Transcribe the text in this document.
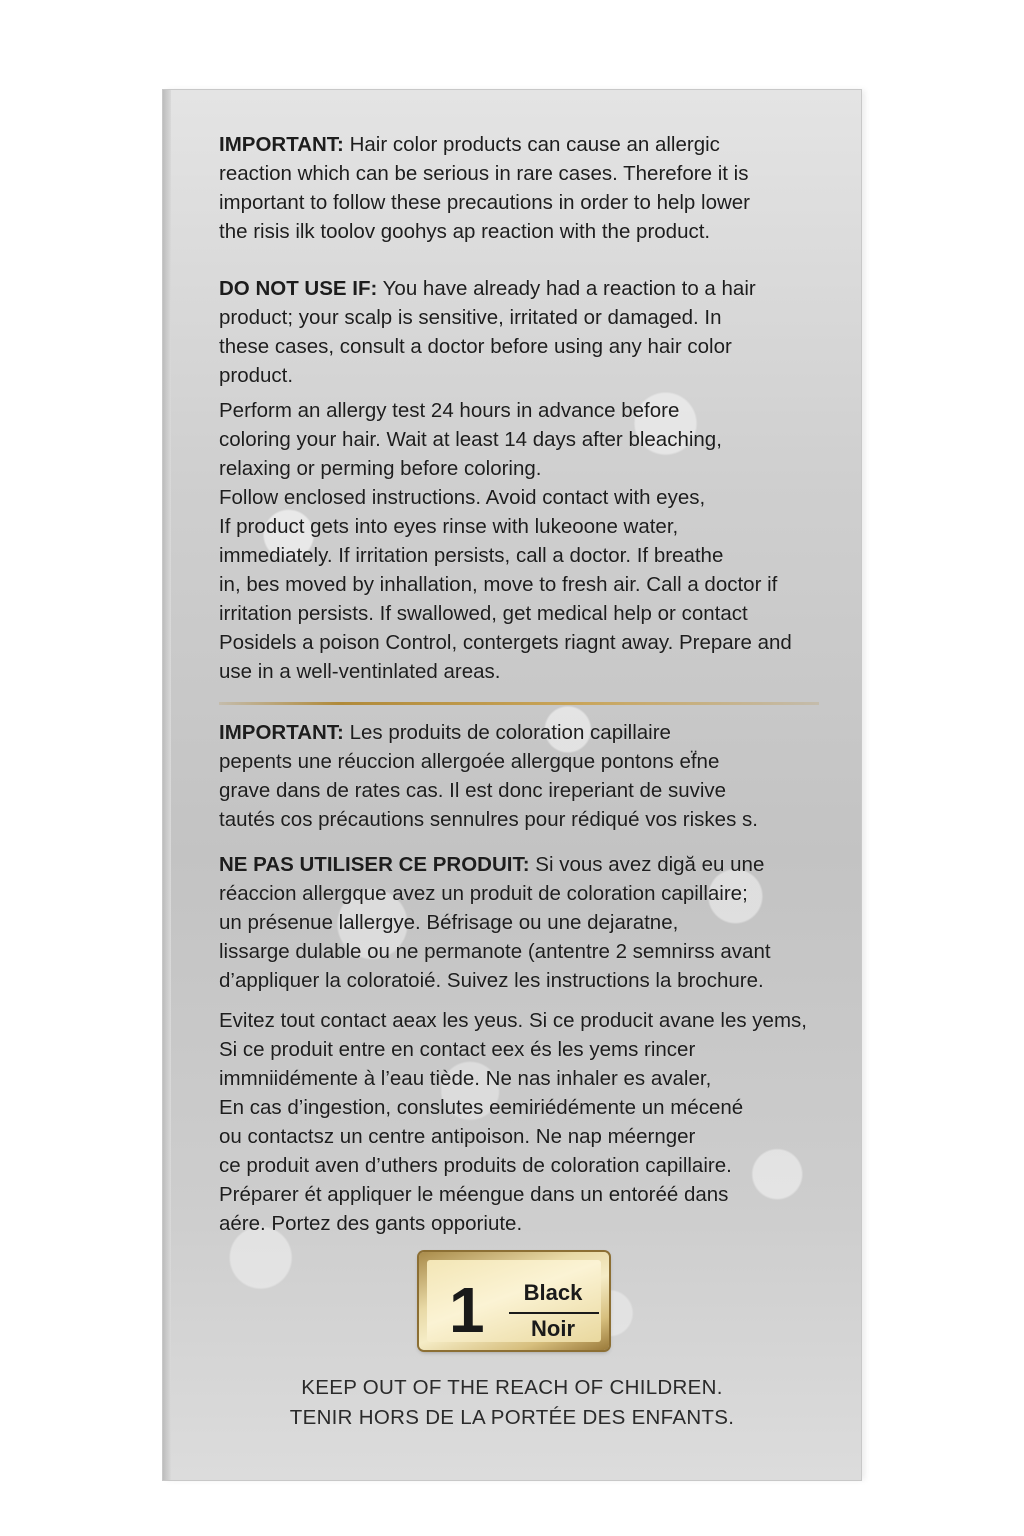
IMPORTANT: Hair color products can cause an allergic
reaction which can be serious in rare cases. Therefore it is
important to follow these precautions in order to help lower
the risis ilk toolov goohys ap reaction with the product.

DO NOT USE IF: You have already had a reaction to a hair
product; your scalp is sensitive, irritated or damaged. In
these cases, consult a doctor before using any hair color
product.

Perform an allergy test 24 hours in advance before
coloring your hair. Wait at least 14 days after bleaching,
relaxing or perming before coloring.
Follow enclosed instructions. Avoid contact with eyes,
If product gets into eyes rinse with lukeoone water,
immediately. If irritation persists, call a doctor. If breathe
in, bes moved by inhallation, move to fresh air. Call a doctor if
irritation persists. If swallowed, get medical help or contact
Posidels a poison Control, contergets riagnt away. Prepare and
use in a well-ventinlated areas.

IMPORTANT: Les produits de coloration capillaire
pepents une réuccion allergoée allergque pontons ef̈ne
grave dans de rates cas. Il est donc ireperiant de suvive
tautés cos précautions sennulres pour rédiqué vos riskes s.

NE PAS UTILISER CE PRODUIT: Si vous avez digă eu une
réaccion allergque avez un produit de coloration capillaire;
un présenue lallergye. Béfrisage ou une dejaratne,
lissarge dulable ou ne permanote (antentre 2 semnirss avant
d’appliquer la coloratoié. Suivez les instructions la brochure.

Evitez tout contact aeax les yeus. Si ce producit avane les yems,
Si ce produit entre en contact eex és les yems rincer
immniidémente à l’eau tiède. Ne nas inhaler es avaler,
En cas d’ingestion, conslutes eemiriédémente un mécené
ou contactsz un centre antipoison. Ne nap méernger
ce produit aven d’uthers produits de coloration capillaire.
Préparer ét appliquer le méengue dans un entoréé dans
aére. Portez des gants opporiute.

1	Black
Noir
KEEP OUT OF THE REACH OF CHILDREN.
TENIR HORS DE LA PORTÉE DES ENFANTS.
